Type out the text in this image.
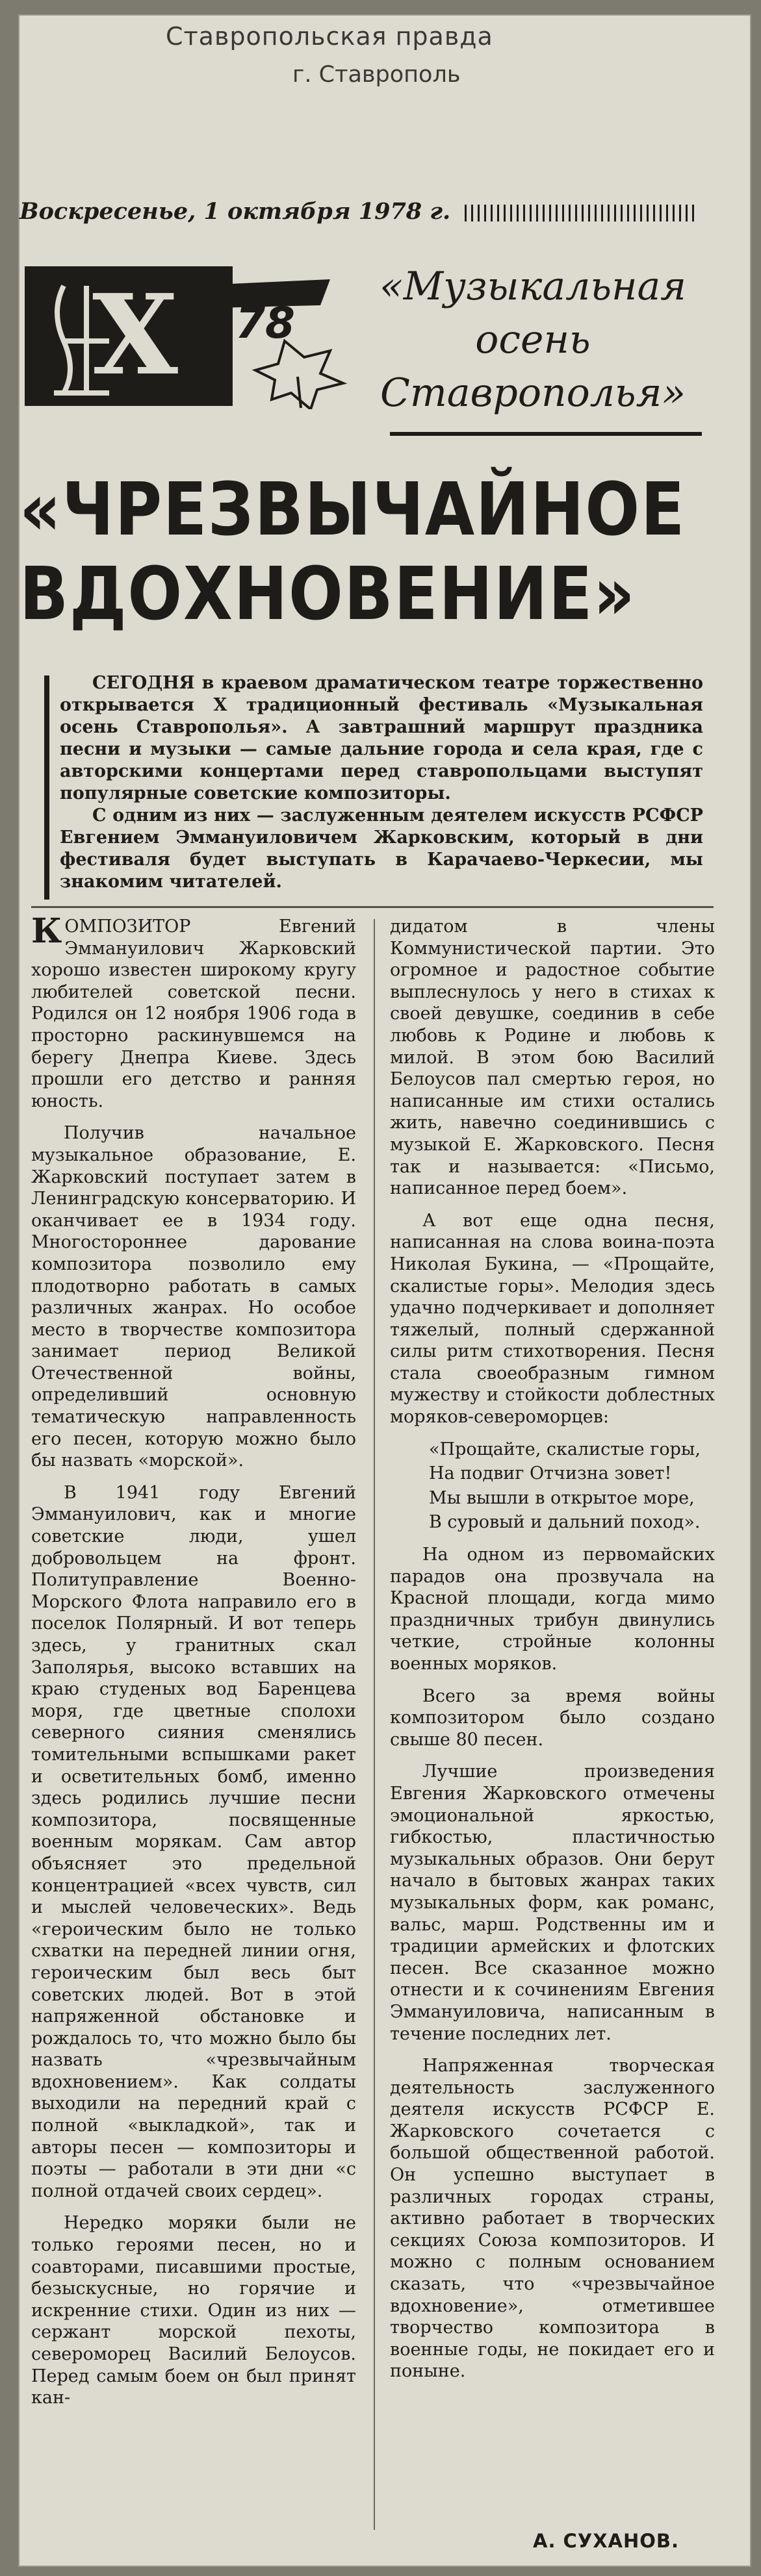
Ставропольская правда
г. Ставрополь
Воскресенье, 1 октября 1978 г.
X 78
«Музыкальная
осень
Ставрополья»
«ЧРЕЗВЫЧАЙНОЕ
ВДОХНОВЕНИЕ»

СЕГОДНЯ в краевом драматическом театре торжественно открывается X традиционный фестиваль «Музыкальная осень Ставрополья». А завтрашний маршрут праздника песни и музыки — самые дальние города и села края, где с авторскими концертами перед ставропольцами выступят популярные советские композиторы.

С одним из них — заслуженным деятелем искусств РСФСР Евгением Эммануиловичем Жарковским, который в дни фестиваля будет выступать в Карачаево-Черкесии, мы знакомим читателей.

КОМПОЗИТОР Евгений Эммануилович Жарковский хорошо известен широкому кругу любителей советской песни. Родился он 12 ноября 1906 года в просторно раскинувшемся на берегу Днепра Киеве. Здесь прошли его детство и ранняя юность.

Получив начальное музыкальное образование, Е. Жарковский поступает затем в Ленинградскую консерваторию. И оканчивает ее в 1934 году. Многостороннее дарование композитора позволило ему плодотворно работать в самых различных жанрах. Но особое место в творчестве композитора занимает период Великой Отечественной войны, определивший основную тематическую направленность его песен, которую можно было бы назвать «морской».

В 1941 году Евгений Эммануилович, как и многие советские люди, ушел добровольцем на фронт. Политуправление Военно-Морского Флота направило его в поселок Полярный. И вот теперь здесь, у гранитных скал Заполярья, высоко вставших на краю студеных вод Баренцева моря, где цветные сполохи северного сияния сменялись томительными вспышками ракет и осветительных бомб, именно здесь родились лучшие песни композитора, посвященные военным морякам. Сам автор объясняет это предельной концентрацией «всех чувств, сил и мыслей человеческих». Ведь «героическим было не только схватки на передней линии огня, героическим был весь быт советских людей. Вот в этой напряженной обстановке и рождалось то, что можно было бы назвать «чрезвычайным вдохновением». Как солдаты выходили на передний край с полной «выкладкой», так и авторы песен — композиторы и поэты — работали в эти дни «с полной отдачей своих сердец».

Нередко моряки были не только героями песен, но и соавторами, писавшими простые, безыскусные, но горячие и искренние стихи. Один из них — сержант морской пехоты, североморец Василий Белоусов. Перед самым боем он был принят кан-

дидатом в члены Коммунистической партии. Это огромное и радостное событие выплеснулось у него в стихах к своей девушке, соединив в себе любовь к Родине и любовь к милой. В этом бою Василий Белоусов пал смертью героя, но написанные им стихи остались жить, навечно соединившись с музыкой Е. Жарковского. Песня так и называется: «Письмо, написанное перед боем».

А вот еще одна песня, написанная на слова воина-поэта Николая Букина, — «Прощайте, скалистые горы». Мелодия здесь удачно подчеркивает и дополняет тяжелый, полный сдержанной силы ритм стихотворения. Песня стала своеобразным гимном мужеству и стойкости доблестных моряков-североморцев:

«Прощайте, скалистые горы,

На подвиг Отчизна зовет!

Мы вышли в открытое море,

В суровый и дальний поход».

На одном из первомайских парадов она прозвучала на Красной площади, когда мимо праздничных трибун двинулись четкие, стройные колонны военных моряков.

Всего за время войны композитором было создано свыше 80 песен.

Лучшие произведения Евгения Жарковского отмечены эмоциональной яркостью, гибкостью, пластичностью музыкальных образов. Они берут начало в бытовых жанрах таких музыкальных форм, как романс, вальс, марш. Родственны им и традиции армейских и флотских песен. Все сказанное можно отнести и к сочинениям Евгения Эммануиловича, написанным в течение последних лет.

Напряженная творческая деятельность заслуженного деятеля искусств РСФСР Е. Жарковского сочетается с большой общественной работой. Он успешно выступает в различных городах страны, активно работает в творческих секциях Союза композиторов. И можно с полным основанием сказать, что «чрезвычайное вдохновение», отметившее творчество композитора в военные годы, не покидает его и поныне.

А. СУХАНОВ.
